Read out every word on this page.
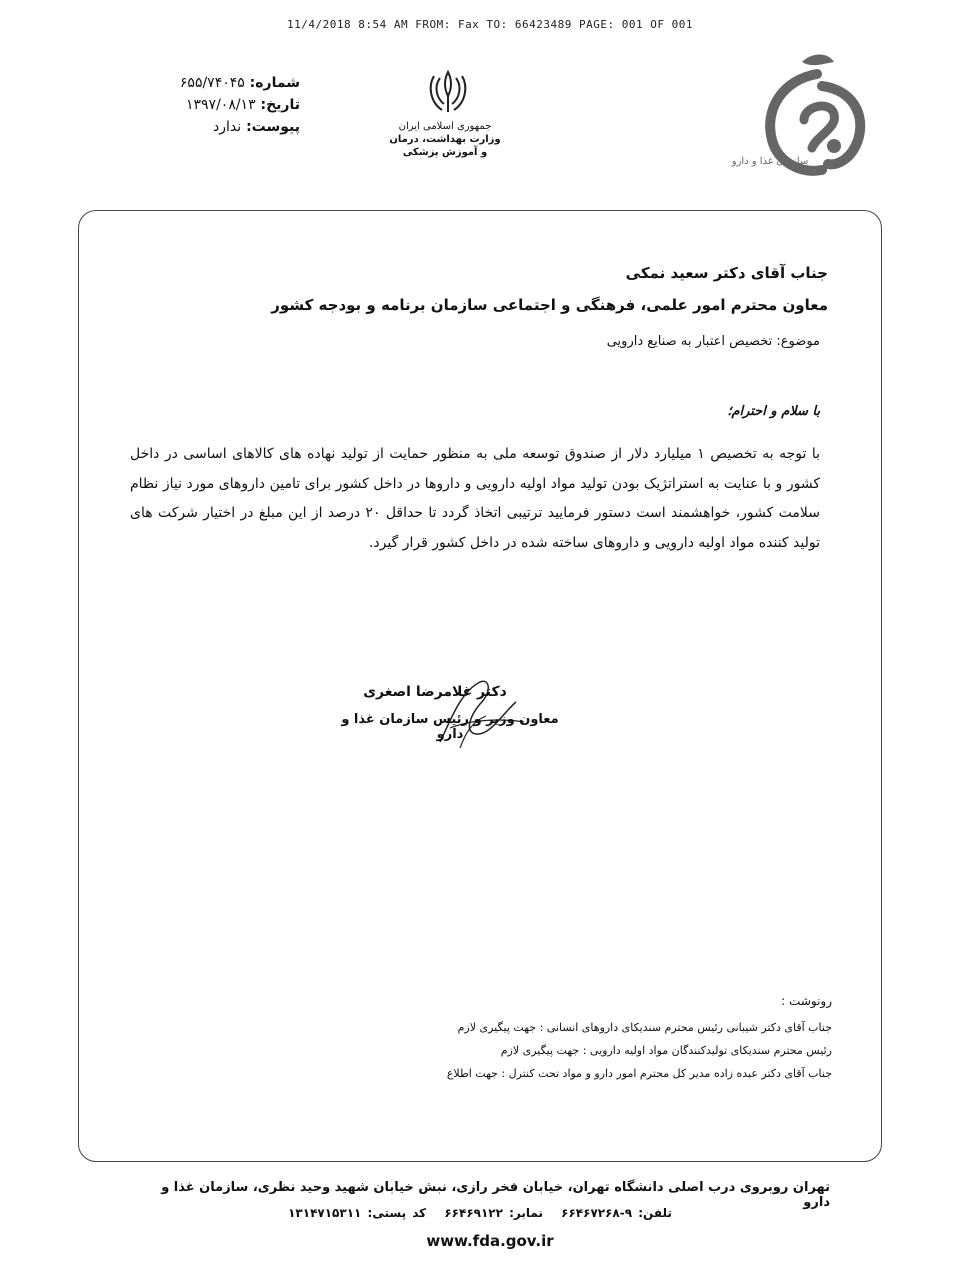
11/4/2018 8:54 AM FROM: Fax TO: 66423489 PAGE: 001 OF 001
شماره: ۶۵۵/۷۴۰۴۵
تاریخ: ۱۳۹۷/۰۸/۱۳
پیوست: ندارد	جمهوری اسلامی ایران
وزارت بهداشت، درمان
و آموزش پزشکی
سازمان غذا و دارو
جناب آقای دکتر سعید نمکی
معاون محترم امور علمی، فرهنگی و اجتماعی سازمان برنامه و بودجه کشور
موضوع: تخصیص اعتبار به صنایع دارویی
با سلام و احترام؛
با توجه به تخصیص ۱ میلیارد دلار از صندوق توسعه ملی به منظور حمایت از تولید نهاده های کالاهای اساسی در داخل کشور و با عنایت به استراتژیک بودن تولید مواد اولیه دارویی و داروها در داخل کشور برای تامین داروهای مورد نیاز نظام سلامت کشور، خواهشمند است دستور فرمایید ترتیبی اتخاذ گردد تا حداقل ۲۰ درصد از این مبلغ در اختیار شرکت های تولید کننده مواد اولیه دارویی و داروهای ساخته شده در داخل کشور قرار گیرد.
دکتر غلامرضا اصغری
معاون وزیر و رئیس سازمان غذا و دارو
رونوشت :
جناب آقای دکتر شیبانی رئیس محترم سندیکای داروهای انسانی : جهت پیگیری لازم
رئیس محترم سندیکای تولیدکنندگان مواد اولیه دارویی : جهت پیگیری لازم
جناب آقای دکتر عبده زاده مدیر کل محترم امور دارو و مواد تحت کنترل : جهت اطلاع
تهران روبروی درب اصلی دانشگاه تهران، خیابان فخر رازی، نبش خیابان شهید وحید نظری، سازمان غذا و دارو
تلفن: ۹-۶۶۴۶۷۲۶۸ نمابر: ۶۶۴۶۹۱۲۲ کد پستی: ۱۳۱۴۷۱۵۳۱۱
www.fda.gov.ir
